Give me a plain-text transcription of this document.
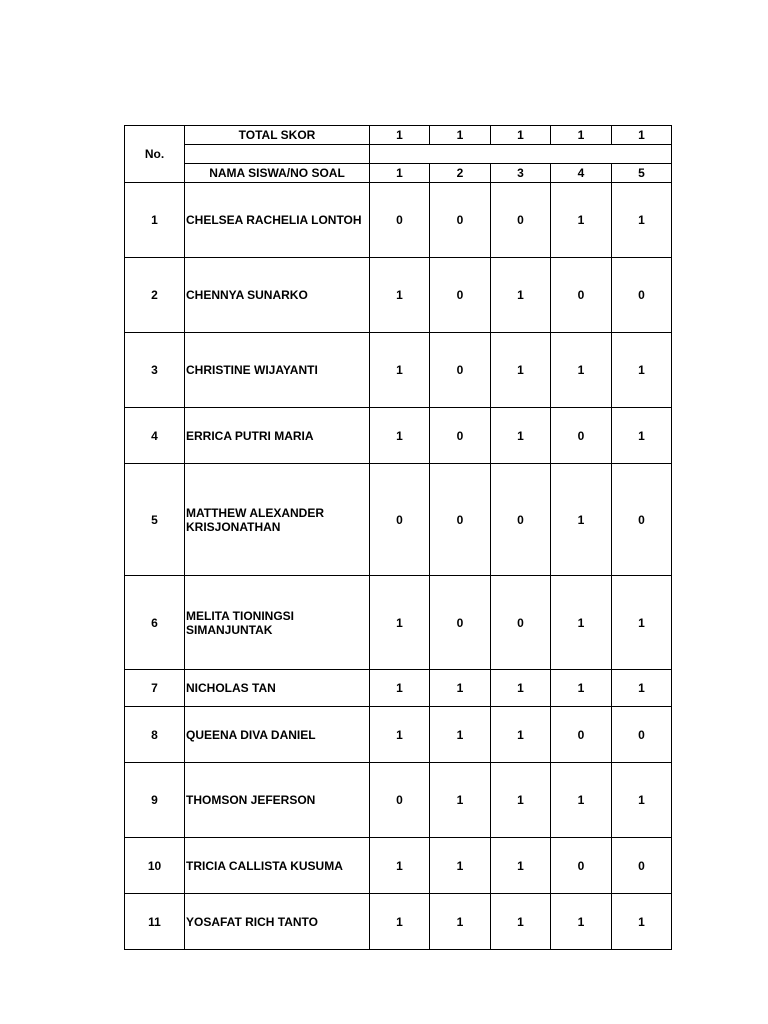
No.	TOTAL SKOR	1	1	1	1	1

	NAMA SISWA/NO SOAL	1	2	3	4	5
1	CHELSEA RACHELIA LONTOH	0	0	0	1	1
2	CHENNYA SUNARKO	1	0	1	0	0
3	CHRISTINE WIJAYANTI	1	0	1	1	1
4	ERRICA PUTRI MARIA	1	0	1	0	1
5	MATTHEW ALEXANDER
KRISJONATHAN	0	0	0	1	0
6	MELITA TIONINGSI
SIMANJUNTAK	1	0	0	1	1
7	NICHOLAS TAN	1	1	1	1	1
8	QUEENA DIVA DANIEL	1	1	1	0	0
9	THOMSON JEFERSON	0	1	1	1	1
10	TRICIA CALLISTA KUSUMA	1	1	1	0	0
11	YOSAFAT RICH TANTO	1	1	1	1	1
